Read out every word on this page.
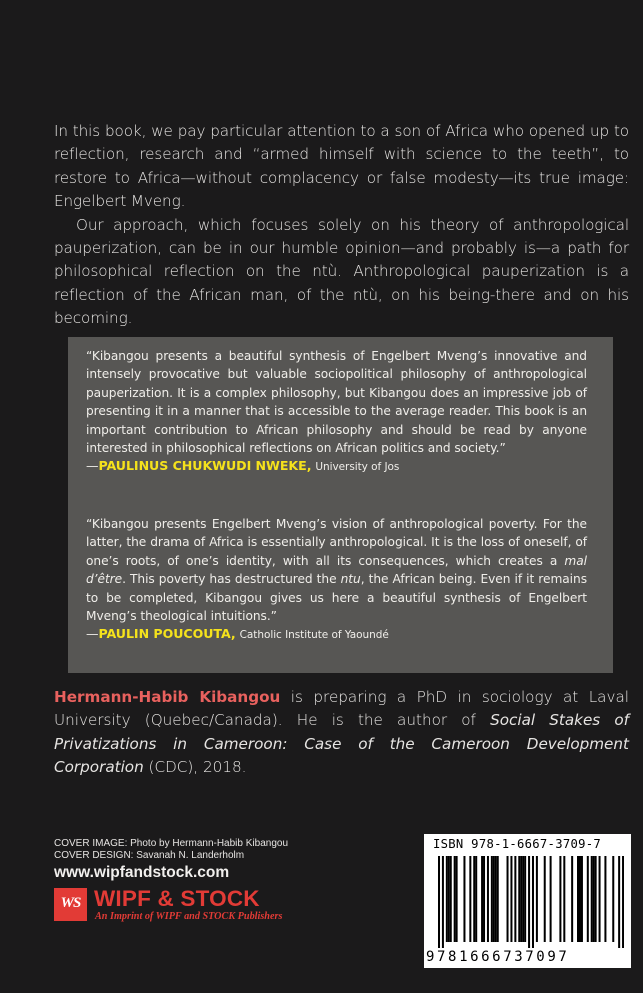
In this book, we pay particular attention to a son of Africa who opened up to reflection, research and “armed himself with science to the teeth”, to restore to Africa—without complacency or false modesty—its true image: Engelbert Mveng.

Our approach, which focuses solely on his theory of anthropological pauperization, can be in our humble opinion—and probably is—a path for philosophical reflection on the ntù. Anthropological pauperization is a reflection of the African man, of the ntù, on his being-there and on his becoming.

“Kibangou presents a beautiful synthesis of Engelbert Mveng’s innovative and intensely provocative but valuable sociopolitical philosophy of anthropological pauperization. It is a complex philosophy, but Kibangou does an impressive job of presenting it in a manner that is accessible to the average reader. This book is an important contribution to African philosophy and should be read by anyone interested in philosophical reflections on African politics and society.”

—PAULINUS CHUKWUDI NWEKE, University of Jos

“Kibangou presents Engelbert Mveng’s vision of anthropological poverty. For the latter, the drama of Africa is essentially anthropological. It is the loss of oneself, of one’s roots, of one’s identity, with all its consequences, which creates a mal d’être. This poverty has destructured the ntu, the African being. Even if it remains to be completed, Kibangou gives us here a beautiful synthesis of Engelbert Mveng’s theological intuitions.”

—PAULIN POUCOUTA, Catholic Institute of Yaoundé

Hermann-Habib Kibangou is preparing a PhD in sociology at Laval University (Quebec/Canada). He is the author of Social Stakes of Privatizations in Cameroon: Case of the Cameroon Development Corporation (CDC), 2018.
COVER IMAGE: Photo by Hermann-Habib Kibangou
COVER DESIGN: Savanah N. Landerholm
www.wipfandstock.com
WS WIPF & STOCK
An Imprint of WIPF and STOCK Publishers
ISBN 978-1-6667-3709-7
9781666737097
